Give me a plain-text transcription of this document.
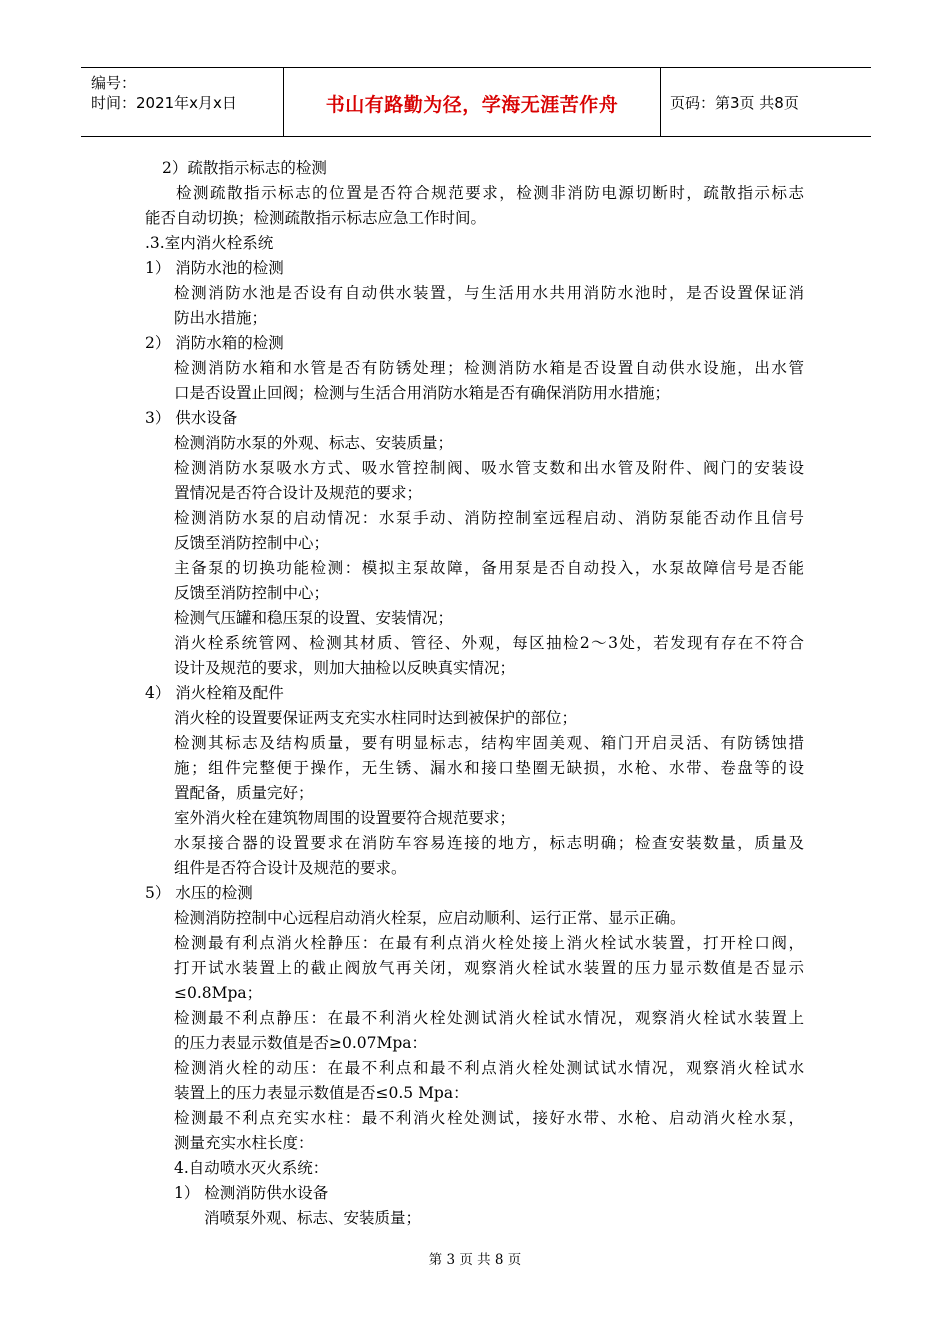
编号：
时间：2021年x月x日	书山有路勤为径，学海无涯苦作舟	页码：第3页 共8页
2）疏散指示标志的检测
检测疏散指示标志的位置是否符合规范要求，检测非消防电源切断时，疏散指示标志
能否自动切换；检测疏散指示标志应急工作时间。
.3.室内消火栓系统
1） 消防水池的检测
检测消防水池是否设有自动供水装置，与生活用水共用消防水池时，是否设置保证消
防出水措施；
2） 消防水箱的检测
检测消防水箱和水管是否有防锈处理；检测消防水箱是否设置自动供水设施，出水管
口是否设置止回阀；检测与生活合用消防水箱是否有确保消防用水措施；
3） 供水设备
检测消防水泵的外观、标志、安装质量；
检测消防水泵吸水方式、吸水管控制阀、吸水管支数和出水管及附件、阀门的安装设
置情况是否符合设计及规范的要求；
检测消防水泵的启动情况：水泵手动、消防控制室远程启动、消防泵能否动作且信号
反馈至消防控制中心；
主备泵的切换功能检测：模拟主泵故障，备用泵是否自动投入，水泵故障信号是否能
反馈至消防控制中心；
检测气压罐和稳压泵的设置、安装情况；
消火栓系统管网、检测其材质、管径、外观，每区抽检2～3处，若发现有存在不符合
设计及规范的要求，则加大抽检以反映真实情况；
4） 消火栓箱及配件
消火栓的设置要保证两支充实水柱同时达到被保护的部位；
检测其标志及结构质量，要有明显标志，结构牢固美观、箱门开启灵活、有防锈蚀措
施；组件完整便于操作，无生锈、漏水和接口垫圈无缺损，水枪、水带、卷盘等的设
置配备，质量完好；
室外消火栓在建筑物周围的设置要符合规范要求；
水泵接合器的设置要求在消防车容易连接的地方，标志明确；检查安装数量，质量及
组件是否符合设计及规范的要求。
5） 水压的检测
检测消防控制中心远程启动消火栓泵，应启动顺利、运行正常、显示正确。
检测最有利点消火栓静压：在最有利点消火栓处接上消火栓试水装置，打开栓口阀，
打开试水装置上的截止阀放气再关闭，观察消火栓试水装置的压力显示数值是否显示
≤0.8Mpa；
检测最不利点静压：在最不利消火栓处测试消火栓试水情况，观察消火栓试水装置上
的压力表显示数值是否≥0.07Mpa：
检测消火栓的动压：在最不利点和最不利点消火栓处测试试水情况，观察消火栓试水
装置上的压力表显示数值是否≤0.5 Mpa：
检测最不利点充实水柱：最不利消火栓处测试，接好水带、水枪、启动消火栓水泵，
测量充实水柱长度：
4.自动喷水灭火系统：
1） 检测消防供水设备
消喷泵外观、标志、安装质量；
第 3 页 共 8 页
